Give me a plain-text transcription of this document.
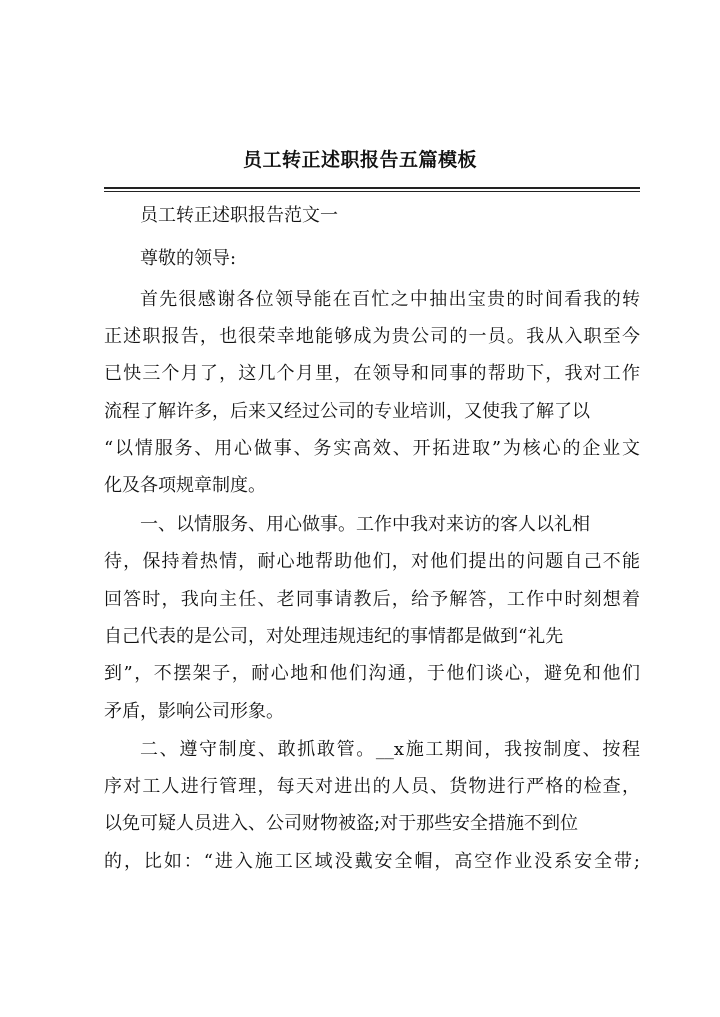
员工转正述职报告五篇模板
员工转正述职报告范文一
尊敬的领导:
首先很感谢各位领导能在百忙之中抽出宝贵的时间看我的转
正述职报告，也很荣幸地能够成为贵公司的一员。我从入职至今
已快三个月了，这几个月里，在领导和同事的帮助下，我对工作
流程了解许多，后来又经过公司的专业培训，又使我了解了以
“以情服务、用心做事、务实高效、开拓进取”为核心的企业文
化及各项规章制度。
一、以情服务、用心做事。工作中我对来访的客人以礼相
待，保持着热情，耐心地帮助他们，对他们提出的问题自己不能
回答时，我向主任、老同事请教后，给予解答，工作中时刻想着
自己代表的是公司，对处理违规违纪的事情都是做到“礼先
到”，不摆架子，耐心地和他们沟通，于他们谈心，避免和他们
矛盾，影响公司形象。
二、遵守制度、敢抓敢管。__x施工期间，我按制度、按程
序对工人进行管理，每天对进出的人员、货物进行严格的检查，
以免可疑人员进入、公司财物被盗;对于那些安全措施不到位
的，比如：“进入施工区域没戴安全帽，高空作业没系安全带;
